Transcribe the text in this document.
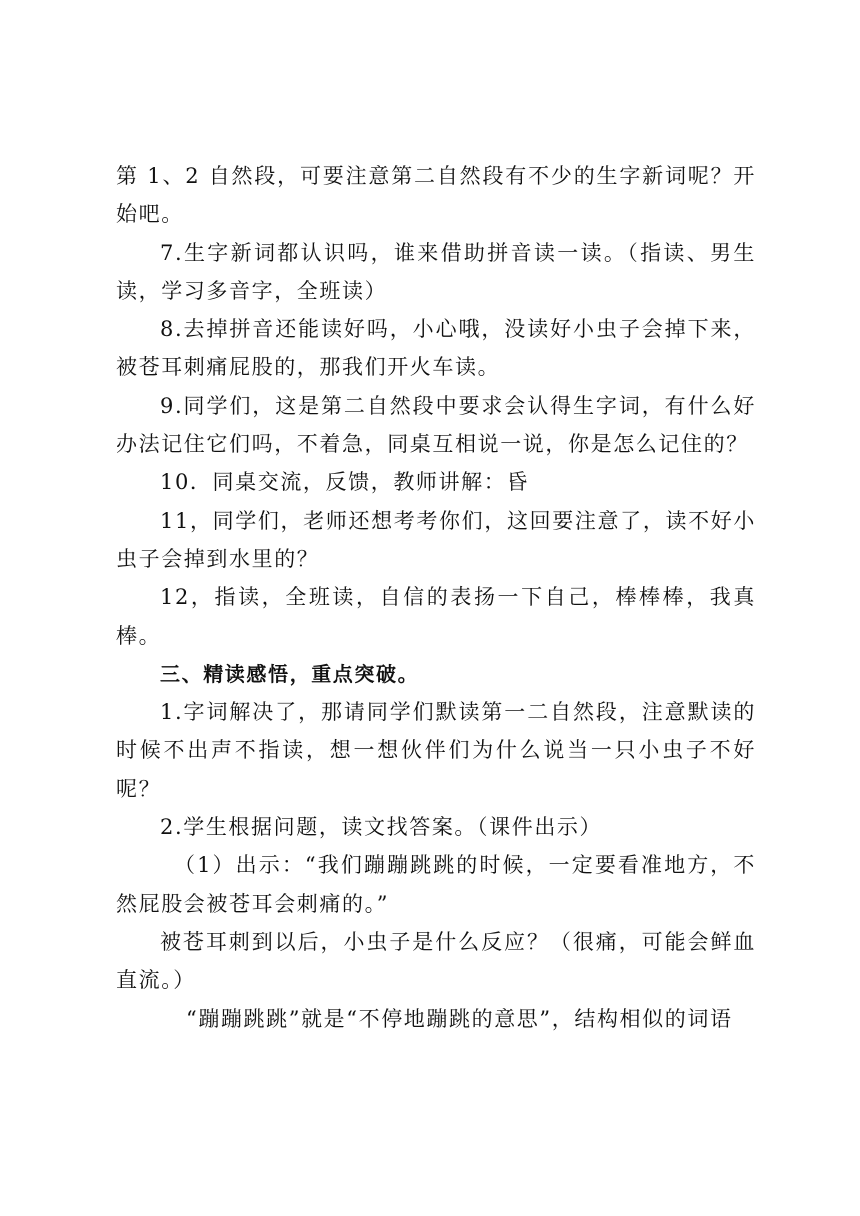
第 1、2 自然段，可要注意第二自然段有不少的生字新词呢？开始吧。

7.生字新词都认识吗，谁来借助拼音读一读。（指读、男生读，学习多音字，全班读）

8.去掉拼音还能读好吗，小心哦，没读好小虫子会掉下来，被苍耳刺痛屁股的，那我们开火车读。

9.同学们，这是第二自然段中要求会认得生字词，有什么好办法记住它们吗，不着急，同桌互相说一说，你是怎么记住的？

10．同桌交流，反馈，教师讲解：昏

11，同学们，老师还想考考你们，这回要注意了，读不好小虫子会掉到水里的？

12，指读，全班读，自信的表扬一下自己，棒棒棒，我真棒。

三、精读感悟，重点突破。

1.字词解决了，那请同学们默读第一二自然段，注意默读的时候不出声不指读，想一想伙伴们为什么说当一只小虫子不好呢？

2.学生根据问题，读文找答案。（课件出示）

（1）出示：“我们蹦蹦跳跳的时候，一定要看准地方，不然屁股会被苍耳会刺痛的。”

被苍耳刺到以后，小虫子是什么反应？（很痛，可能会鲜血直流。）

“蹦蹦跳跳”就是“不停地蹦跳的意思”，结构相似的词语
